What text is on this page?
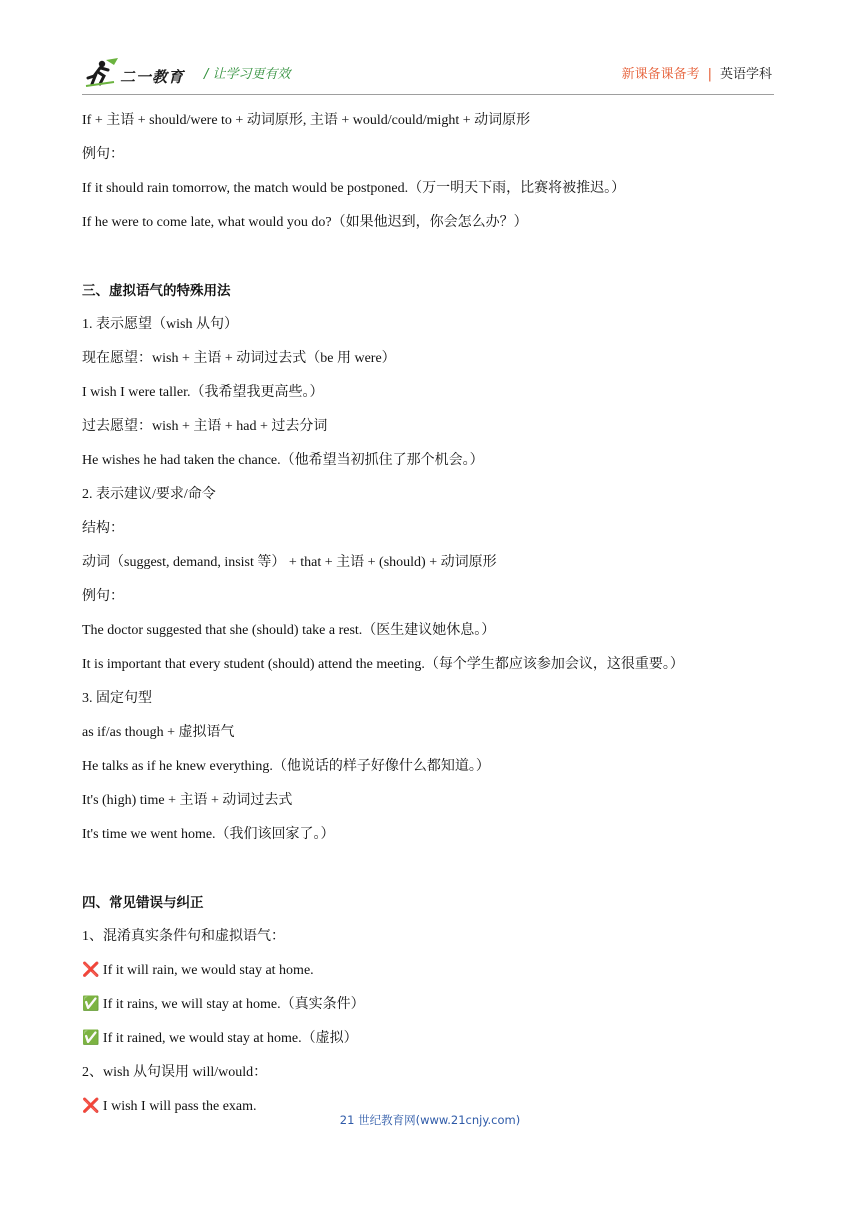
二一教育 / 让学习更有效	新课备课备考 | 英语学科
If + 主语 + should/were to + 动词原形, 主语 + would/could/might + 动词原形
例句：
If it should rain tomorrow, the match would be postponed.（万一明天下雨，比赛将被推迟。）
If he were to come late, what would you do?（如果他迟到，你会怎么办？）
三、虚拟语气的特殊用法
1. 表示愿望（wish 从句）
现在愿望：wish + 主语 + 动词过去式（be 用 were）
I wish I were taller.（我希望我更高些。）
过去愿望：wish + 主语 + had + 过去分词
He wishes he had taken the chance.（他希望当初抓住了那个机会。）
2. 表示建议/要求/命令
结构：
动词（suggest, demand, insist 等） + that + 主语 + (should) + 动词原形
例句：
The doctor suggested that she (should) take a rest.（医生建议她休息。）
It is important that every student (should) attend the meeting.（每个学生都应该参加会议，这很重要。）
3. 固定句型
as if/as though + 虚拟语气
He talks as if he knew everything.（他说话的样子好像什么都知道。）
It's (high) time + 主语 + 动词过去式
It's time we went home.（我们该回家了。）
四、常见错误与纠正
1、混淆真实条件句和虚拟语气：
❌ If it will rain, we would stay at home.
✅ If it rains, we will stay at home.（真实条件）
✅ If it rained, we would stay at home.（虚拟）
2、wish 从句误用 will/would：
❌ I wish I will pass the exam.
21 世纪教育网(www.21cnjy.com)
